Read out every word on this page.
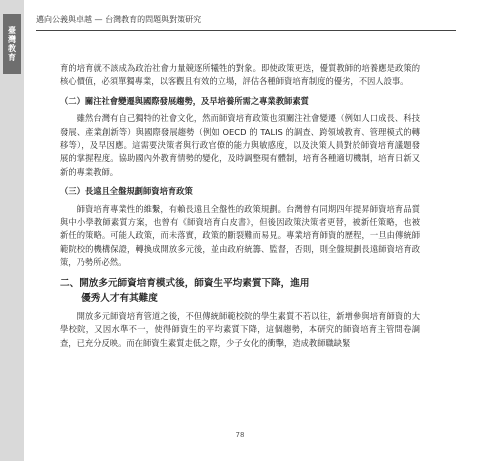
臺灣教育
邁向公義與卓越 — 台灣教育的問題與對策研究

育的培育就不該成為政治社會力量競逐所犧牲的對象。即使政策更迭，優質教師的培養應是政策的核心價值，必須單獨專業，以客觀且有效的立場，評估各種師資培育制度的優劣，不因人設事。

（二）關注社會變遷與國際發展趨勢，及早培養所需之專業教師素質

雖然台灣有自己獨特的社會文化，然而師資培育政策也須關注社會變遷（例如人口成長、科技發展、產業創新等）與國際發展趨勢（例如 OECD 的 TALIS 的調查、跨領域教育、管理模式的轉移等），及早因應。這需要決策者與行政官僚的能力與敏感度，以及決策人員對於師資培育議題發展的掌握程度。協助國內外教育情勢的變化，及時調整現有體制，培育各種適切機制，培育日新又新的專業教師。

（三）長遠且全盤規劃師資培育政策

師資培育專業性的維繫，有賴長遠且全盤性的政策規劃。台灣曾有同期四年提昇師資培育品質與中小學教師素質方案，也曾有《師資培育白皮書》，但後因政策決策者更替，被新任策略，也被新任的策略。可能人政策，而未落實，政策的斷裂難而易見。專業培育師資的歷程，一旦由傳統師範院校的機構保證，轉換成開放多元後，並由政府統籌、監督，否則，則全盤規劃長遠師資培育政策，乃勢所必然。

二、開放多元師資培育模式後，師資生平均素質下降，進用
優秀人才有其難度

開放多元師資培育管道之後，不但傳統師範校院的學生素質不若以往，新增參與培育師資的大學校院，又因水準不一，使得師資生的平均素質下降，這個趨勢，本研究的師資培育主管問卷調查，已充分反映。而在師資生素質走低之際，少子女化的衝擊，造成教師職缺緊

78
